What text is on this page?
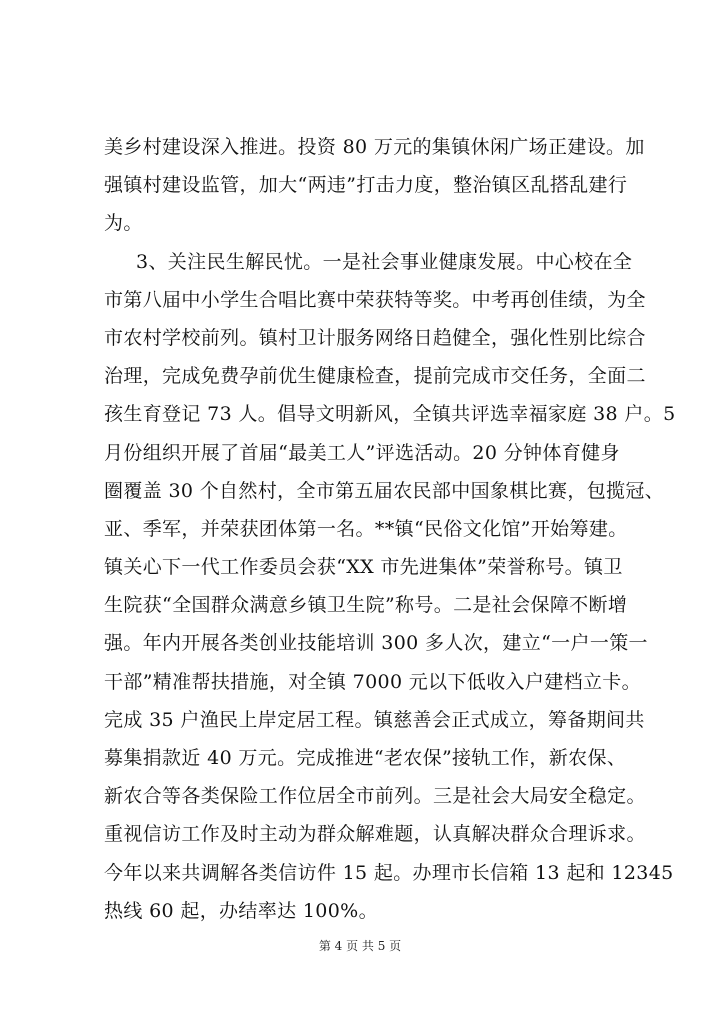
美乡村建设深入推进。投资 80 万元的集镇休闲广场正建设。加
强镇村建设监管，加大“两违”打击力度，整治镇区乱搭乱建行
为。
3、关注民生解民忧。一是社会事业健康发展。中心校在全
市第八届中小学生合唱比赛中荣获特等奖。中考再创佳绩，为全
市农村学校前列。镇村卫计服务网络日趋健全，强化性别比综合
治理，完成免费孕前优生健康检查，提前完成市交任务，全面二
孩生育登记 73 人。倡导文明新风，全镇共评选幸福家庭 38 户。5
月份组织开展了首届“最美工人”评选活动。20 分钟体育健身
圈覆盖 30 个自然村，全市第五届农民部中国象棋比赛，包揽冠、
亚、季军，并荣获团体第一名。**镇“民俗文化馆”开始筹建。
镇关心下一代工作委员会获“XX 市先进集体”荣誉称号。镇卫
生院获“全国群众满意乡镇卫生院”称号。二是社会保障不断增
强。年内开展各类创业技能培训 300 多人次，建立“一户一策一
干部”精准帮扶措施，对全镇 7000 元以下低收入户建档立卡。
完成 35 户渔民上岸定居工程。镇慈善会正式成立，筹备期间共
募集捐款近 40 万元。完成推进“老农保”接轨工作，新农保、
新农合等各类保险工作位居全市前列。三是社会大局安全稳定。
重视信访工作及时主动为群众解难题，认真解决群众合理诉求。
今年以来共调解各类信访件 15 起。办理市长信箱 13 起和 12345
热线 60 起，办结率达 100%。
第 4 页 共 5 页
